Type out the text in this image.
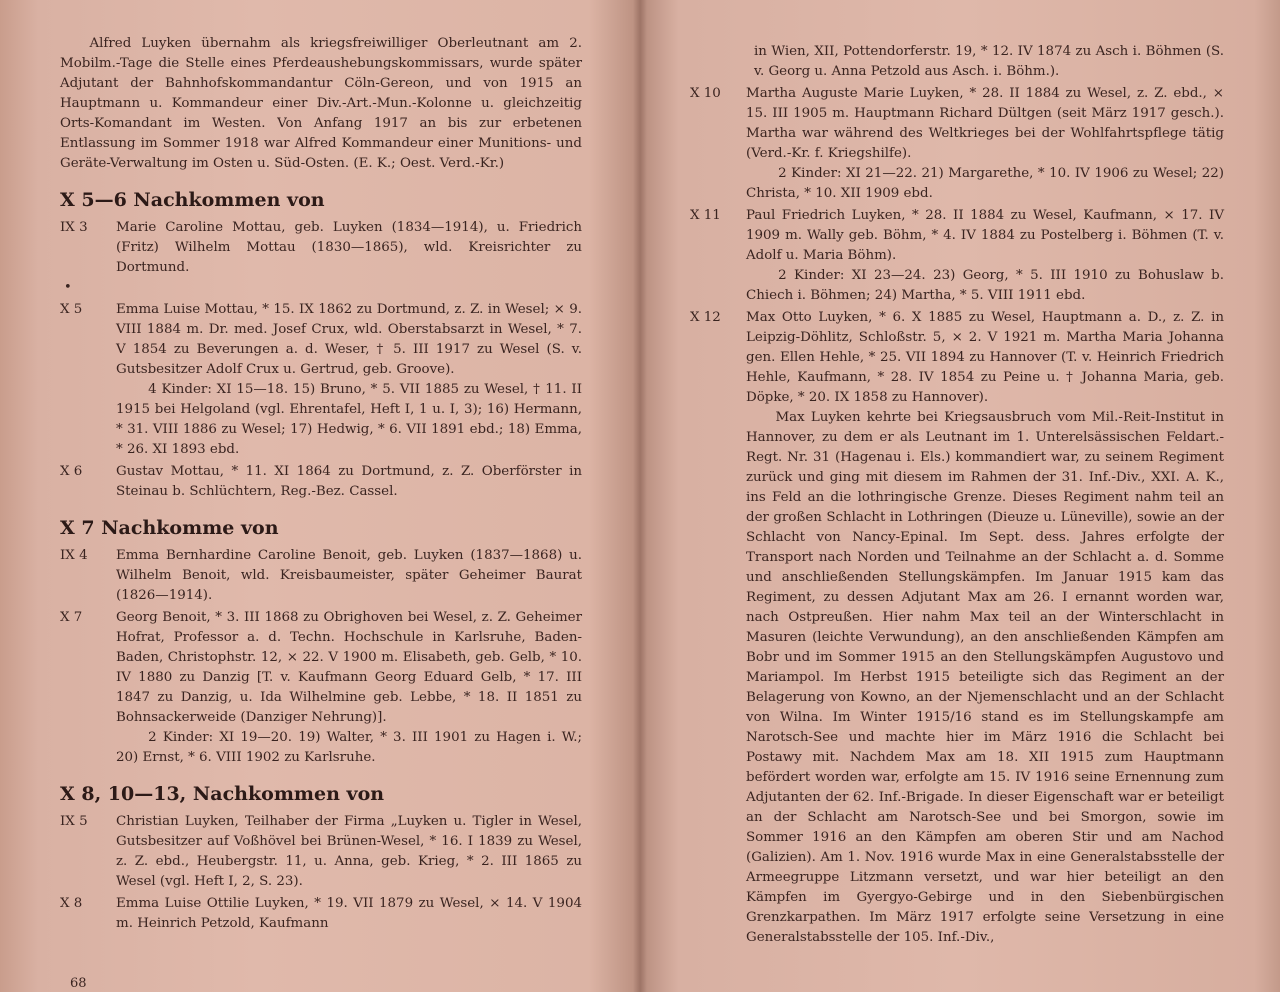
Alfred Luyken übernahm als kriegsfreiwilliger Oberleutnant am 2. Mobilm.-Tage die Stelle eines Pferdeaushebungskommissars, wurde später Adjutant der Bahnhofskommandantur Cöln-Gereon, und von 1915 an Hauptmann u. Kommandeur einer Div.-Art.-Mun.-Kolonne u. gleichzeitig Orts-Komandant im Westen. Von Anfang 1917 an bis zur erbetenen Entlassung im Sommer 1918 war Alfred Kommandeur einer Munitions- und Geräte-Verwaltung im Osten u. Süd-Osten. (E. K.; Oest. Verd.-Kr.)

X 5—6 Nachkommen von
IX 3	Marie Caroline Mottau, geb. Luyken (1834—1914), u. Friedrich (Fritz) Wilhelm Mottau (1830—1865), wld. Kreisrichter zu Dortmund.
•
X 5	Emma Luise Mottau, * 15. IX 1862 zu Dortmund, z. Z. in Wesel; × 9. VIII 1884 m. Dr. med. Josef Crux, wld. Oberstabsarzt in Wesel, * 7. V 1854 zu Beverungen a. d. Weser, † 5. III 1917 zu Wesel (S. v. Gutsbesitzer Adolf Crux u. Gertrud, geb. Groove).

4 Kinder: XI 15—18. 15) Bruno, * 5. VII 1885 zu Wesel, † 11. II 1915 bei Helgoland (vgl. Ehrentafel, Heft I, 1 u. I, 3); 16) Hermann, * 31. VIII 1886 zu Wesel; 17) Hedwig, * 6. VII 1891 ebd.; 18) Emma, * 26. XI 1893 ebd.

X 6	Gustav Mottau, * 11. XI 1864 zu Dortmund, z. Z. Oberförster in Steinau b. Schlüchtern, Reg.-Bez. Cassel.
X 7 Nachkomme von
IX 4	Emma Bernhardine Caroline Benoit, geb. Luyken (1837—1868) u. Wilhelm Benoit, wld. Kreisbaumeister, später Geheimer Baurat (1826—1914).
X 7	Georg Benoit, * 3. III 1868 zu Obrighoven bei Wesel, z. Z. Geheimer Hofrat, Professor a. d. Techn. Hochschule in Karlsruhe, Baden-Baden, Christophstr. 12, × 22. V 1900 m. Elisabeth, geb. Gelb, * 10. IV 1880 zu Danzig [T. v. Kaufmann Georg Eduard Gelb, * 17. III 1847 zu Danzig, u. Ida Wilhelmine geb. Lebbe, * 18. II 1851 zu Bohnsackerweide (Danziger Nehrung)].

2 Kinder: XI 19—20. 19) Walter, * 3. III 1901 zu Hagen i. W.; 20) Ernst, * 6. VIII 1902 zu Karlsruhe.

X 8, 10—13, Nachkommen von
IX 5	Christian Luyken, Teilhaber der Firma „Luyken u. Tigler in Wesel, Gutsbesitzer auf Voßhövel bei Brünen-Wesel, * 16. I 1839 zu Wesel, z. Z. ebd., Heubergstr. 11, u. Anna, geb. Krieg, * 2. III 1865 zu Wesel (vgl. Heft I, 2, S. 23).
X 8	Emma Luise Ottilie Luyken, * 19. VII 1879 zu Wesel, × 14. V 1904 m. Heinrich Petzold, Kaufmann
68

in Wien, XII, Pottendorferstr. 19, * 12. IV 1874 zu Asch i. Böhmen (S. v. Georg u. Anna Petzold aus Asch. i. Böhm.).

X 10	Martha Auguste Marie Luyken, * 28. II 1884 zu Wesel, z. Z. ebd., × 15. III 1905 m. Hauptmann Richard Dültgen (seit März 1917 gesch.). Martha war während des Weltkrieges bei der Wohlfahrtspflege tätig (Verd.-Kr. f. Kriegshilfe).

2 Kinder: XI 21—22. 21) Margarethe, * 10. IV 1906 zu Wesel; 22) Christa, * 10. XII 1909 ebd.

X 11	Paul Friedrich Luyken, * 28. II 1884 zu Wesel, Kaufmann, × 17. IV 1909 m. Wally geb. Böhm, * 4. IV 1884 zu Postelberg i. Böhmen (T. v. Adolf u. Maria Böhm).

2 Kinder: XI 23—24. 23) Georg, * 5. III 1910 zu Bohuslaw b. Chiech i. Böhmen; 24) Martha, * 5. VIII 1911 ebd.

X 12	Max Otto Luyken, * 6. X 1885 zu Wesel, Hauptmann a. D., z. Z. in Leipzig-Döhlitz, Schloßstr. 5, × 2. V 1921 m. Martha Maria Johanna gen. Ellen Hehle, * 25. VII 1894 zu Hannover (T. v. Heinrich Friedrich Hehle, Kaufmann, * 28. IV 1854 zu Peine u. † Johanna Maria, geb. Döpke, * 20. IX 1858 zu Hannover).

Max Luyken kehrte bei Kriegsausbruch vom Mil.-Reit-Institut in Hannover, zu dem er als Leutnant im 1. Unterelsässischen Feldart.-Regt. Nr. 31 (Hagenau i. Els.) kommandiert war, zu seinem Regiment zurück und ging mit diesem im Rahmen der 31. Inf.-Div., XXI. A. K., ins Feld an die lothringische Grenze. Dieses Regiment nahm teil an der großen Schlacht in Lothringen (Dieuze u. Lüneville), sowie an der Schlacht von Nancy-Epinal. Im Sept. dess. Jahres erfolgte der Transport nach Norden und Teilnahme an der Schlacht a. d. Somme und anschließenden Stellungskämpfen. Im Januar 1915 kam das Regiment, zu dessen Adjutant Max am 26. I ernannt worden war, nach Ostpreußen. Hier nahm Max teil an der Winterschlacht in Masuren (leichte Verwundung), an den anschließenden Kämpfen am Bobr und im Sommer 1915 an den Stellungskämpfen Augustovo und Mariampol. Im Herbst 1915 beteiligte sich das Regiment an der Belagerung von Kowno, an der Njemenschlacht und an der Schlacht von Wilna. Im Winter 1915/16 stand es im Stellungskampfe am Narotsch-See und machte hier im März 1916 die Schlacht bei Postawy mit. Nachdem Max am 18. XII 1915 zum Hauptmann befördert worden war, erfolgte am 15. IV 1916 seine Ernennung zum Adjutanten der 62. Inf.-Brigade. In dieser Eigenschaft war er beteiligt an der Schlacht am Narotsch-See und bei Smorgon, sowie im Sommer 1916 an den Kämpfen am oberen Stir und am Nachod (Galizien). Am 1. Nov. 1916 wurde Max in eine Generalstabsstelle der Armeegruppe Litzmann versetzt, und war hier beteiligt an den Kämpfen im Gyergyo-Gebirge und in den Siebenbürgischen Grenzkarpathen. Im März 1917 erfolgte seine Versetzung in eine Generalstabsstelle der 105. Inf.-Div.,
